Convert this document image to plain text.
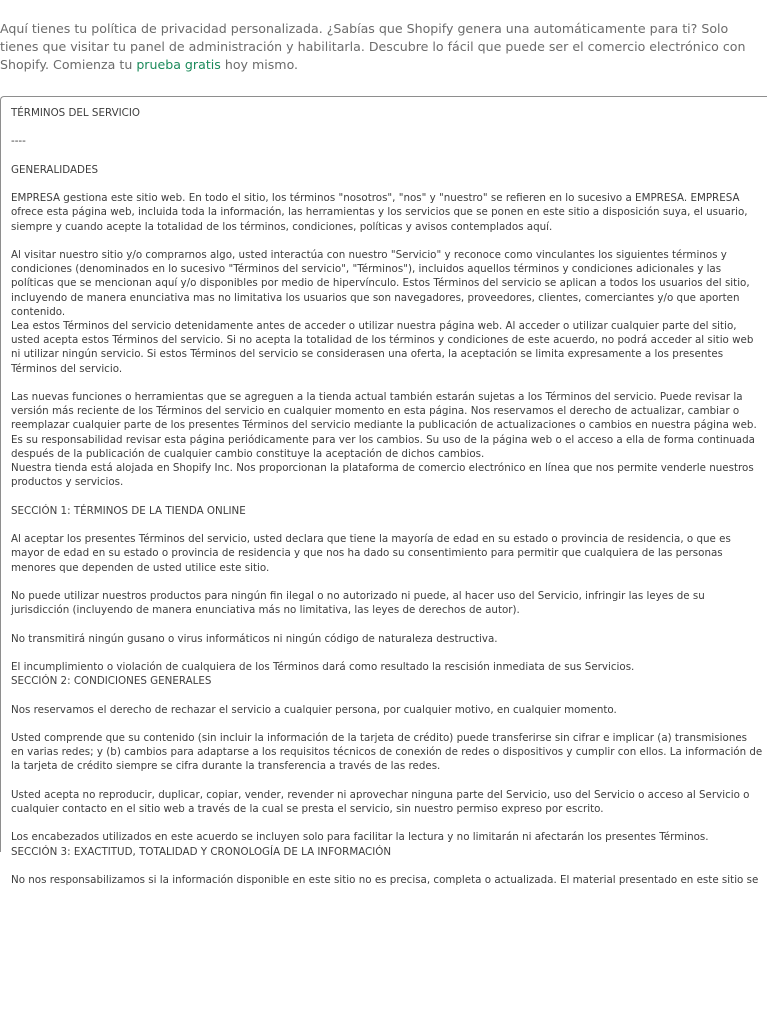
Aquí tienes tu política de privacidad personalizada. ¿Sabías que Shopify genera una automáticamente para ti? Solo tienes que visitar tu panel de administración y habilitarla. Descubre lo fácil que puede ser el comercio electrónico con Shopify. Comienza tu prueba gratis hoy mismo.

TÉRMINOS DEL SERVICIO

----

GENERALIDADES

EMPRESA gestiona este sitio web. En todo el sitio, los términos "nosotros", "nos" y "nuestro" se refieren en lo sucesivo a EMPRESA. EMPRESA ofrece esta página web, incluida toda la información, las herramientas y los servicios que se ponen en este sitio a disposición suya, el usuario, siempre y cuando acepte la totalidad de los términos, condiciones, políticas y avisos contemplados aquí.

Al visitar nuestro sitio y/o comprarnos algo, usted interactúa con nuestro "Servicio" y reconoce como vinculantes los siguientes términos y condiciones (denominados en lo sucesivo "Términos del servicio", "Términos"), incluidos aquellos términos y condiciones adicionales y las políticas que se mencionan aquí y/o disponibles por medio de hipervínculo. Estos Términos del servicio se aplican a todos los usuarios del sitio, incluyendo de manera enunciativa mas no limitativa los usuarios que son navegadores, proveedores, clientes, comerciantes y/o que aporten contenido.
Lea estos Términos del servicio detenidamente antes de acceder o utilizar nuestra página web. Al acceder o utilizar cualquier parte del sitio, usted acepta estos Términos del servicio. Si no acepta la totalidad de los términos y condiciones de este acuerdo, no podrá acceder al sitio web ni utilizar ningún servicio. Si estos Términos del servicio se considerasen una oferta, la aceptación se limita expresamente a los presentes Términos del servicio.

Las nuevas funciones o herramientas que se agreguen a la tienda actual también estarán sujetas a los Términos del servicio. Puede revisar la versión más reciente de los Términos del servicio en cualquier momento en esta página. Nos reservamos el derecho de actualizar, cambiar o reemplazar cualquier parte de los presentes Términos del servicio mediante la publicación de actualizaciones o cambios en nuestra página web. Es su responsabilidad revisar esta página periódicamente para ver los cambios. Su uso de la página web o el acceso a ella de forma continuada después de la publicación de cualquier cambio constituye la aceptación de dichos cambios.
Nuestra tienda está alojada en Shopify Inc. Nos proporcionan la plataforma de comercio electrónico en línea que nos permite venderle nuestros productos y servicios.

SECCIÓN 1: TÉRMINOS DE LA TIENDA ONLINE

Al aceptar los presentes Términos del servicio, usted declara que tiene la mayoría de edad en su estado o provincia de residencia, o que es mayor de edad en su estado o provincia de residencia y que nos ha dado su consentimiento para permitir que cualquiera de las personas menores que dependen de usted utilice este sitio.

No puede utilizar nuestros productos para ningún fin ilegal o no autorizado ni puede, al hacer uso del Servicio, infringir las leyes de su jurisdicción (incluyendo de manera enunciativa más no limitativa, las leyes de derechos de autor).

No transmitirá ningún gusano o virus informáticos ni ningún código de naturaleza destructiva.

El incumplimiento o violación de cualquiera de los Términos dará como resultado la rescisión inmediata de sus Servicios.
SECCIÓN 2: CONDICIONES GENERALES

Nos reservamos el derecho de rechazar el servicio a cualquier persona, por cualquier motivo, en cualquier momento.

Usted comprende que su contenido (sin incluir la información de la tarjeta de crédito) puede transferirse sin cifrar e implicar (a) transmisiones en varias redes; y (b) cambios para adaptarse a los requisitos técnicos de conexión de redes o dispositivos y cumplir con ellos. La información de la tarjeta de crédito siempre se cifra durante la transferencia a través de las redes.

Usted acepta no reproducir, duplicar, copiar, vender, revender ni aprovechar ninguna parte del Servicio, uso del Servicio o acceso al Servicio o cualquier contacto en el sitio web a través de la cual se presta el servicio, sin nuestro permiso expreso por escrito.

Los encabezados utilizados en este acuerdo se incluyen solo para facilitar la lectura y no limitarán ni afectarán los presentes Términos.
SECCIÓN 3: EXACTITUD, TOTALIDAD Y CRONOLOGÍA DE LA INFORMACIÓN

No nos responsabilizamos si la información disponible en este sitio no es precisa, completa o actualizada. El material presentado en este sitio se
